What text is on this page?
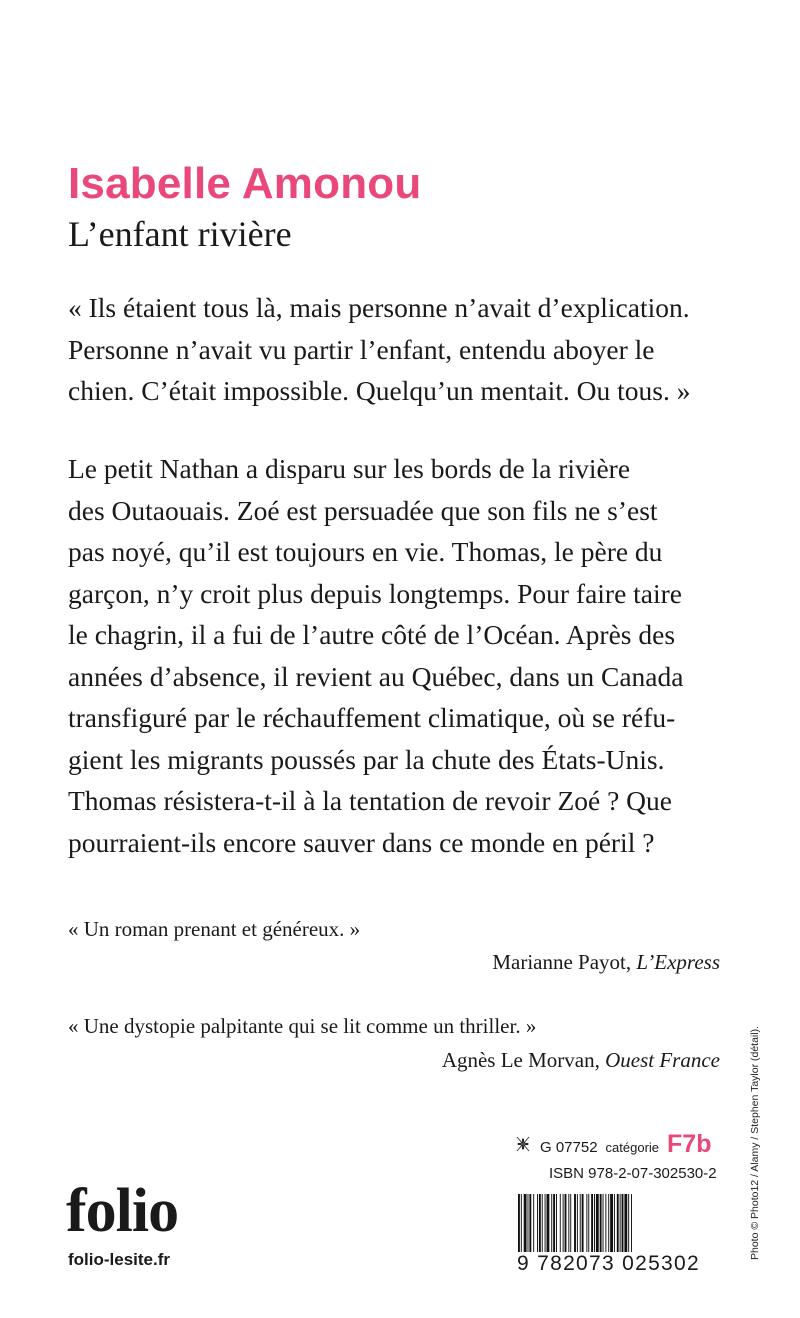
Isabelle Amonou
L’enfant rivière
« Ils étaient tous là, mais personne n’avait d’explication.
Personne n’avait vu partir l’enfant, entendu aboyer le
chien. C’était impossible. Quelqu’un mentait. Ou tous. »
Le petit Nathan a disparu sur les bords de la rivière
des Outaouais. Zoé est persuadée que son fils ne s’est
pas noyé, qu’il est toujours en vie. Thomas, le père du
garçon, n’y croit plus depuis longtemps. Pour faire taire
le chagrin, il a fui de l’autre côté de l’Océan. Après des
années d’absence, il revient au Québec, dans un Canada
transfiguré par le réchauffement climatique, où se réfu-
gient les migrants poussés par la chute des États-Unis.
Thomas résistera-t-il à la tentation de revoir Zoé ? Que
pourraient-ils encore sauver dans ce monde en péril ?
« Un roman prenant et généreux. »
Marianne Payot, L’Express
« Une dystopie palpitante qui se lit comme un thriller. »
Agnès Le Morvan, Ouest France	Photo © Photo12 / Alamy / Stephen Taylor (détail).
G 07752 catégorie F7b
ISBN 978-2-07-302530-2
9 782073 025302
folio
folio-lesite.fr
